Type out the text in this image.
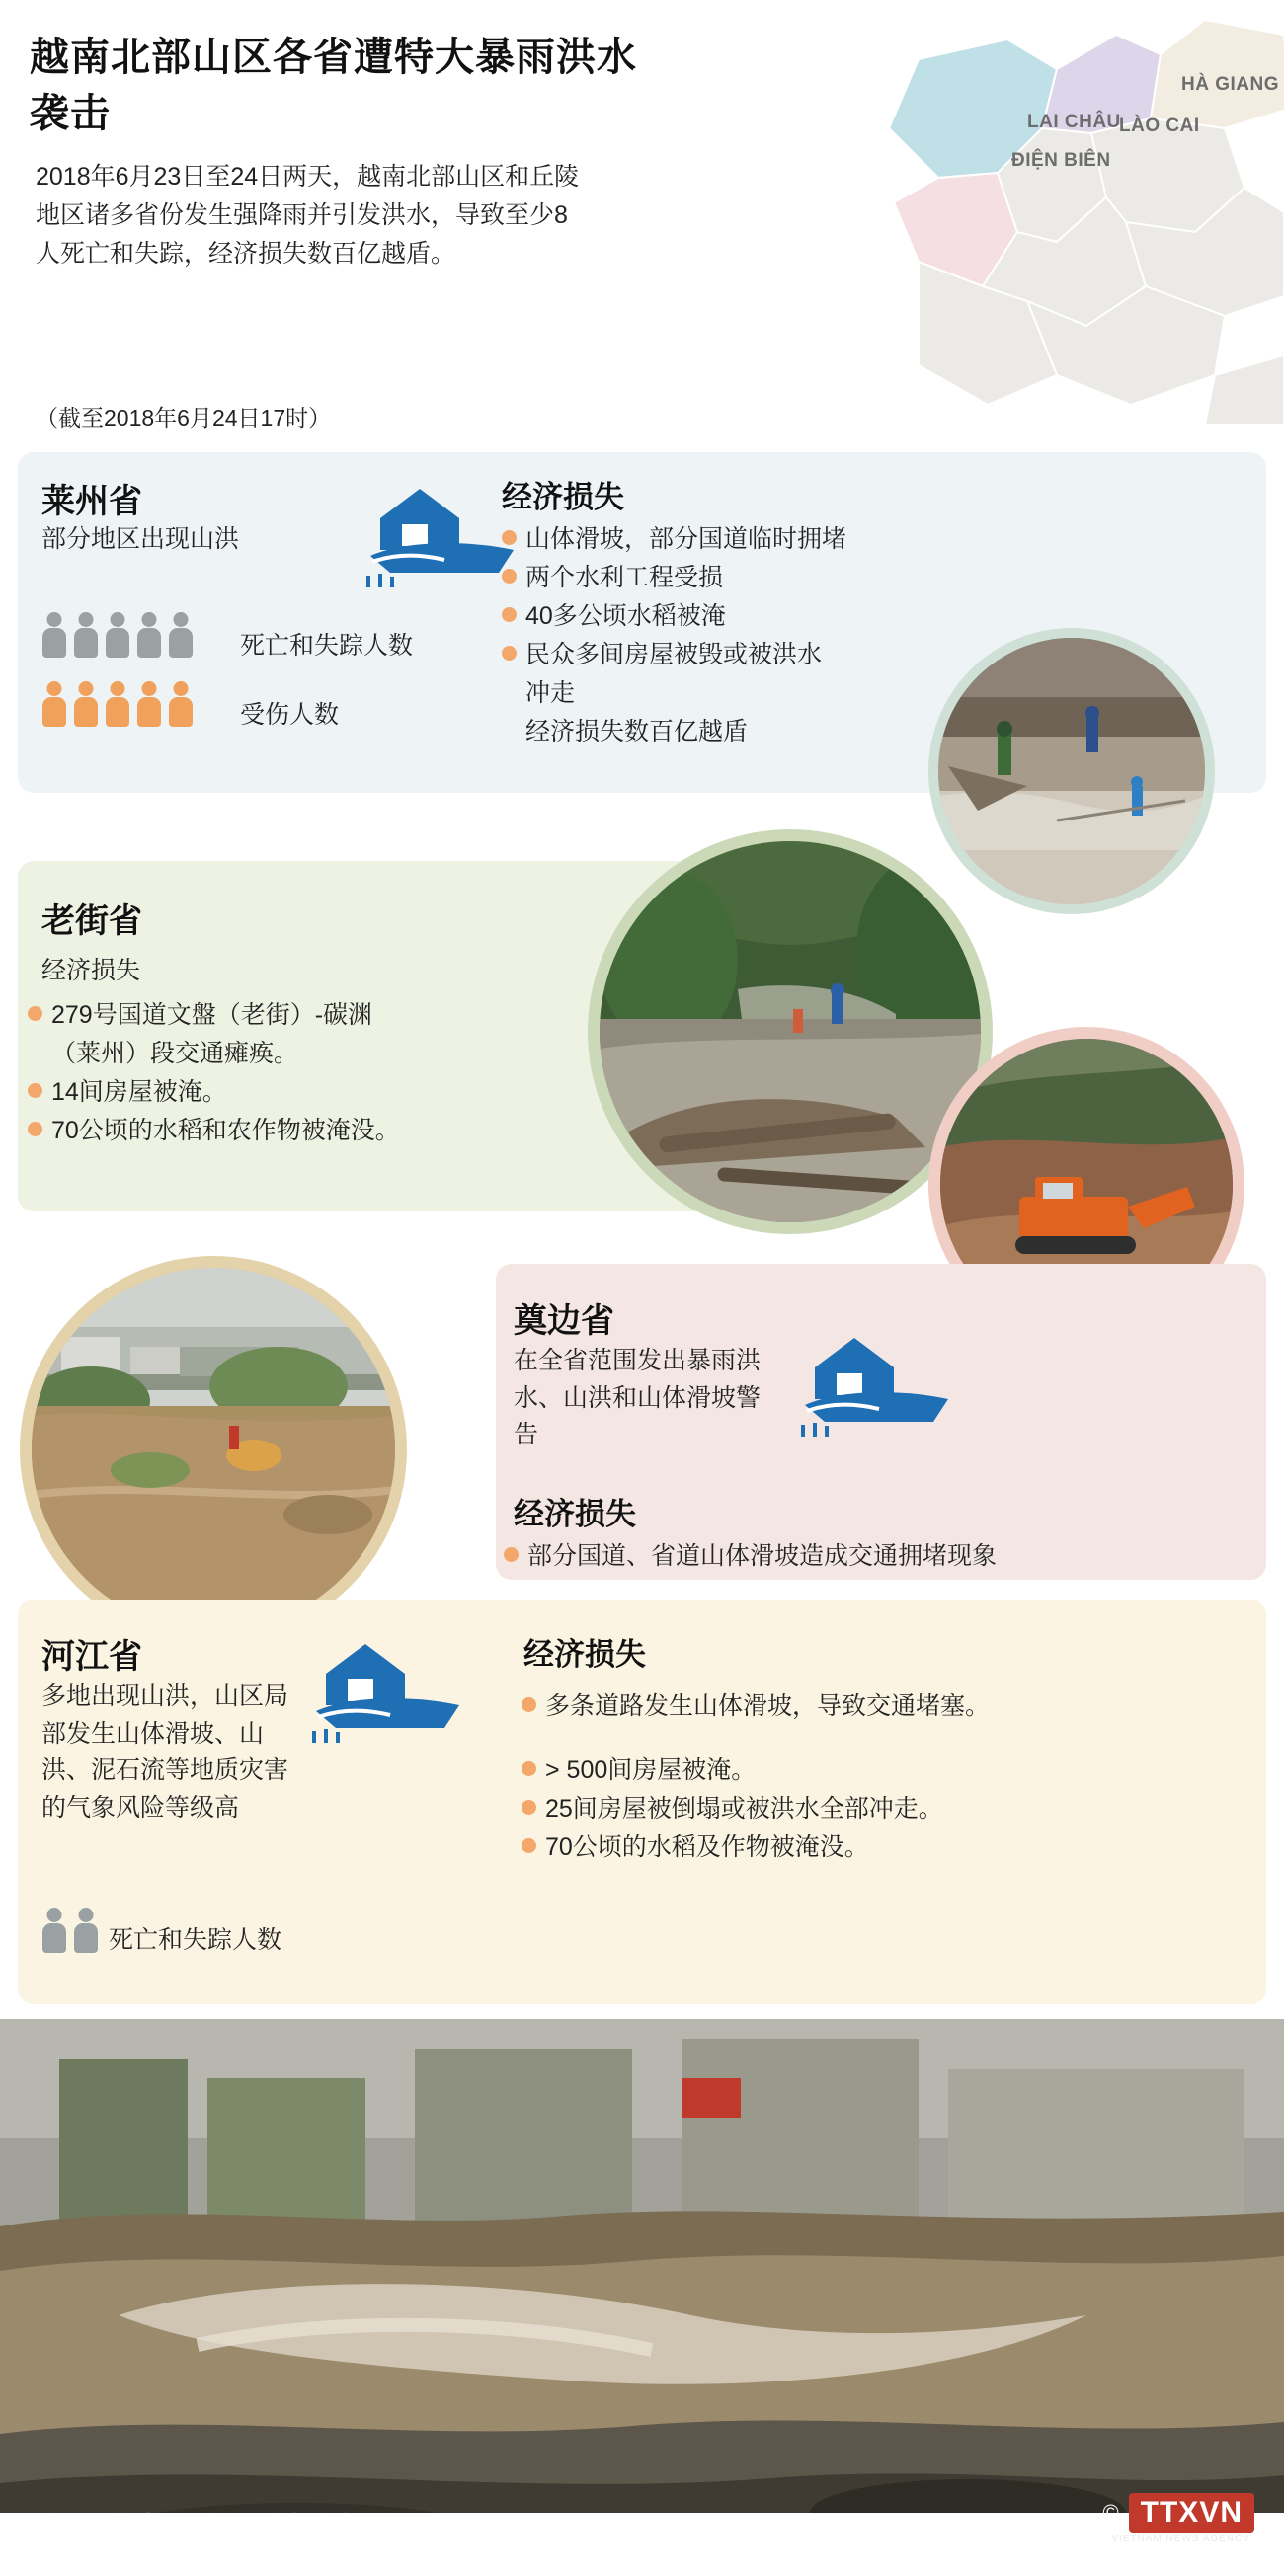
HÀ GIANG
LAI CHÂU
LÀO CAI
ĐIỆN BIÊN
越南北部山区各省遭特大暴雨洪水袭击
2018年6月23日至24日两天，越南北部山区和丘陵地区诸多省份发生强降雨并引发洪水，导致至少8人死亡和失踪，经济损失数百亿越盾。
（截至2018年6月24日17时）
莱州省
部分地区出现山洪
经济损失
山体滑坡，部分国道临时拥堵
两个水利工程受损
40多公顷水稻被淹
民众多间房屋被毁或被洪水
冲走
经济损失数百亿越盾
死亡和失踪人数
受伤人数
老街省
经济损失
279号国道文盤（老街）-碳渊
（莱州）段交通瘫痪。
14间房屋被淹。
70公顷的水稻和农作物被淹没。
奠边省
在全省范围发出暴雨洪水、山洪和山体滑坡警告
经济损失
部分国道、省道山体滑坡造成交通拥堵现象
河江省
多地出现山洪，山区局部发生山体滑坡、山洪、泥石流等地质灾害的气象风险等级高
死亡和失踪人数
经济损失
多条道路发生山体滑坡，导致交通堵塞。
> 500间房屋被淹。
25间房屋被倒塌或被洪水全部冲走。
70公顷的水稻及作物被淹没。
来源：越南通讯社、地方政府	© TTXVN
VIETNAM NEWS AGENCY
